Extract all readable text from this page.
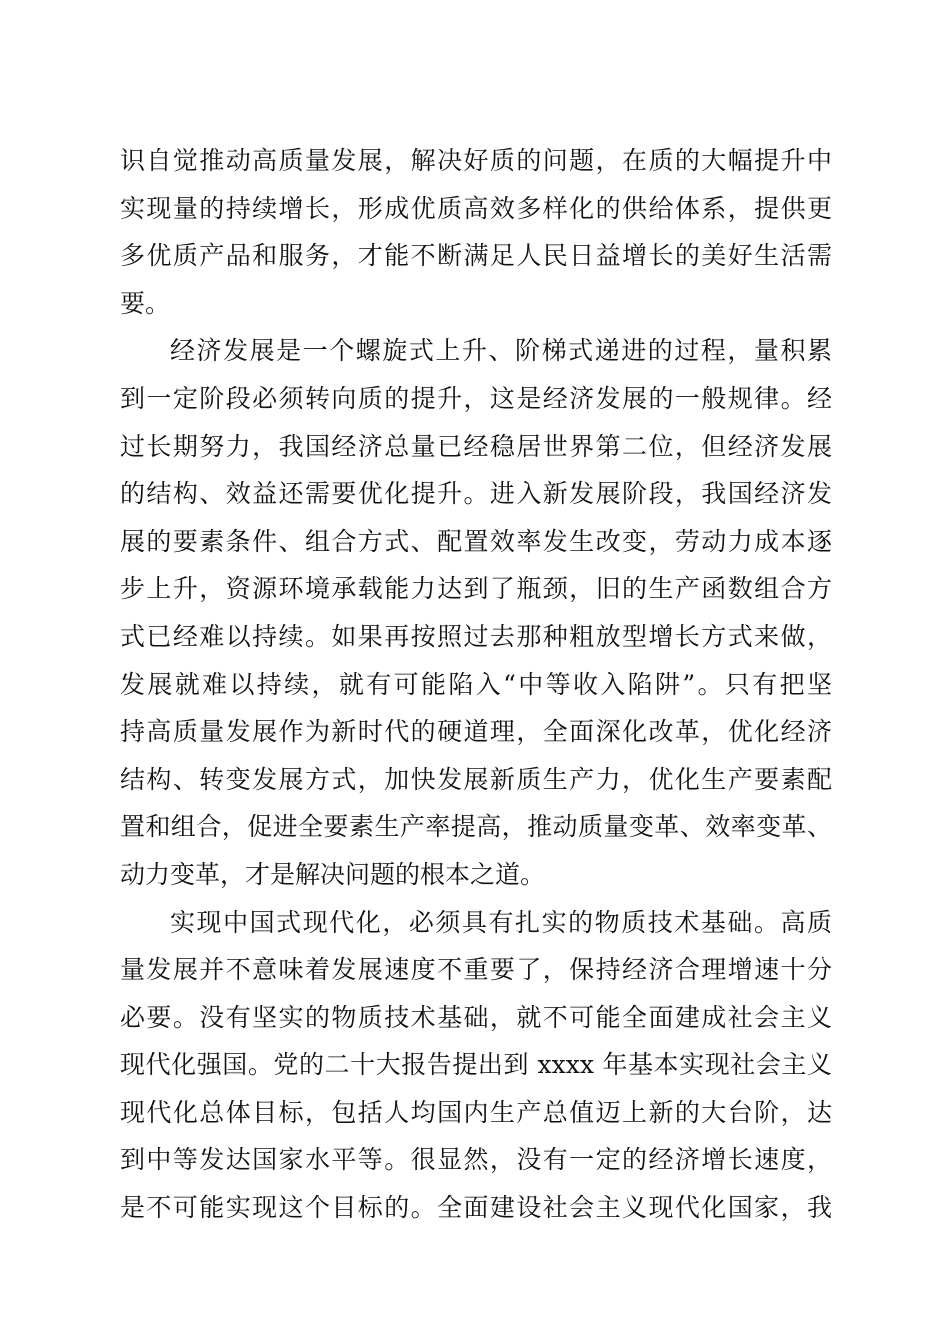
识自觉推动高质量发展，解决好质的问题，在质的大幅提升中
实现量的持续增长，形成优质高效多样化的供给体系，提供更
多优质产品和服务，才能不断满足人民日益增长的美好生活需
要。
经济发展是一个螺旋式上升、阶梯式递进的过程，量积累
到一定阶段必须转向质的提升，这是经济发展的一般规律。经
过长期努力，我国经济总量已经稳居世界第二位，但经济发展
的结构、效益还需要优化提升。进入新发展阶段，我国经济发
展的要素条件、组合方式、配置效率发生改变，劳动力成本逐
步上升，资源环境承载能力达到了瓶颈，旧的生产函数组合方
式已经难以持续。如果再按照过去那种粗放型增长方式来做，
发展就难以持续，就有可能陷入“中等收入陷阱”。只有把坚
持高质量发展作为新时代的硬道理，全面深化改革，优化经济
结构、转变发展方式，加快发展新质生产力，优化生产要素配
置和组合，促进全要素生产率提高，推动质量变革、效率变革、
动力变革，才是解决问题的根本之道。
实现中国式现代化，必须具有扎实的物质技术基础。高质
量发展并不意味着发展速度不重要了，保持经济合理增速十分
必要。没有坚实的物质技术基础，就不可能全面建成社会主义
现代化强国。党的二十大报告提出到 xxxx 年基本实现社会主义
现代化总体目标，包括人均国内生产总值迈上新的大台阶，达
到中等发达国家水平等。很显然，没有一定的经济增长速度，
是不可能实现这个目标的。全面建设社会主义现代化国家，我
